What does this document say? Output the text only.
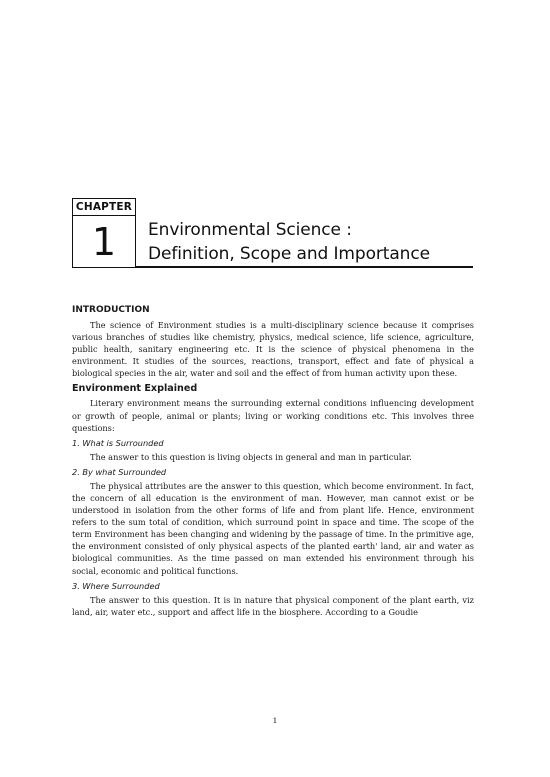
CHAPTER
1	Environmental Science :
Definition, Scope and Importance
INTRODUCTION

The science of Environment studies is a multi-disciplinary science because it comprises various branches of studies like chemistry, physics, medical science, life science, agriculture, public health, sanitary engineering etc. It is the science of physical phenomena in the environment. It studies of the sources, reactions, transport, effect and fate of physical a biological species in the air, water and soil and the effect of from human activity upon these.

Environment Explained

Literary environment means the surrounding external conditions influencing development or growth of people, animal or plants; living or working conditions etc. This involves three questions:

1. What is Surrounded

The answer to this question is living objects in general and man in particular.

2. By what Surrounded

The physical attributes are the answer to this question, which become environment. In fact, the concern of all education is the environment of man. However, man cannot exist or be understood in isolation from the other forms of life and from plant life. Hence, environment refers to the sum total of condition, which surround point in space and time. The scope of the term Environment has been changing and widening by the passage of time. In the primitive age, the environment consisted of only physical aspects of the planted earth' land, air and water as biological communities. As the time passed on man extended his environment through his social, economic and political functions.

3. Where Surrounded

The answer to this question. It is in nature that physical component of the plant earth, viz land, air, water etc., support and affect life in the biosphere. According to a Goudie

1
